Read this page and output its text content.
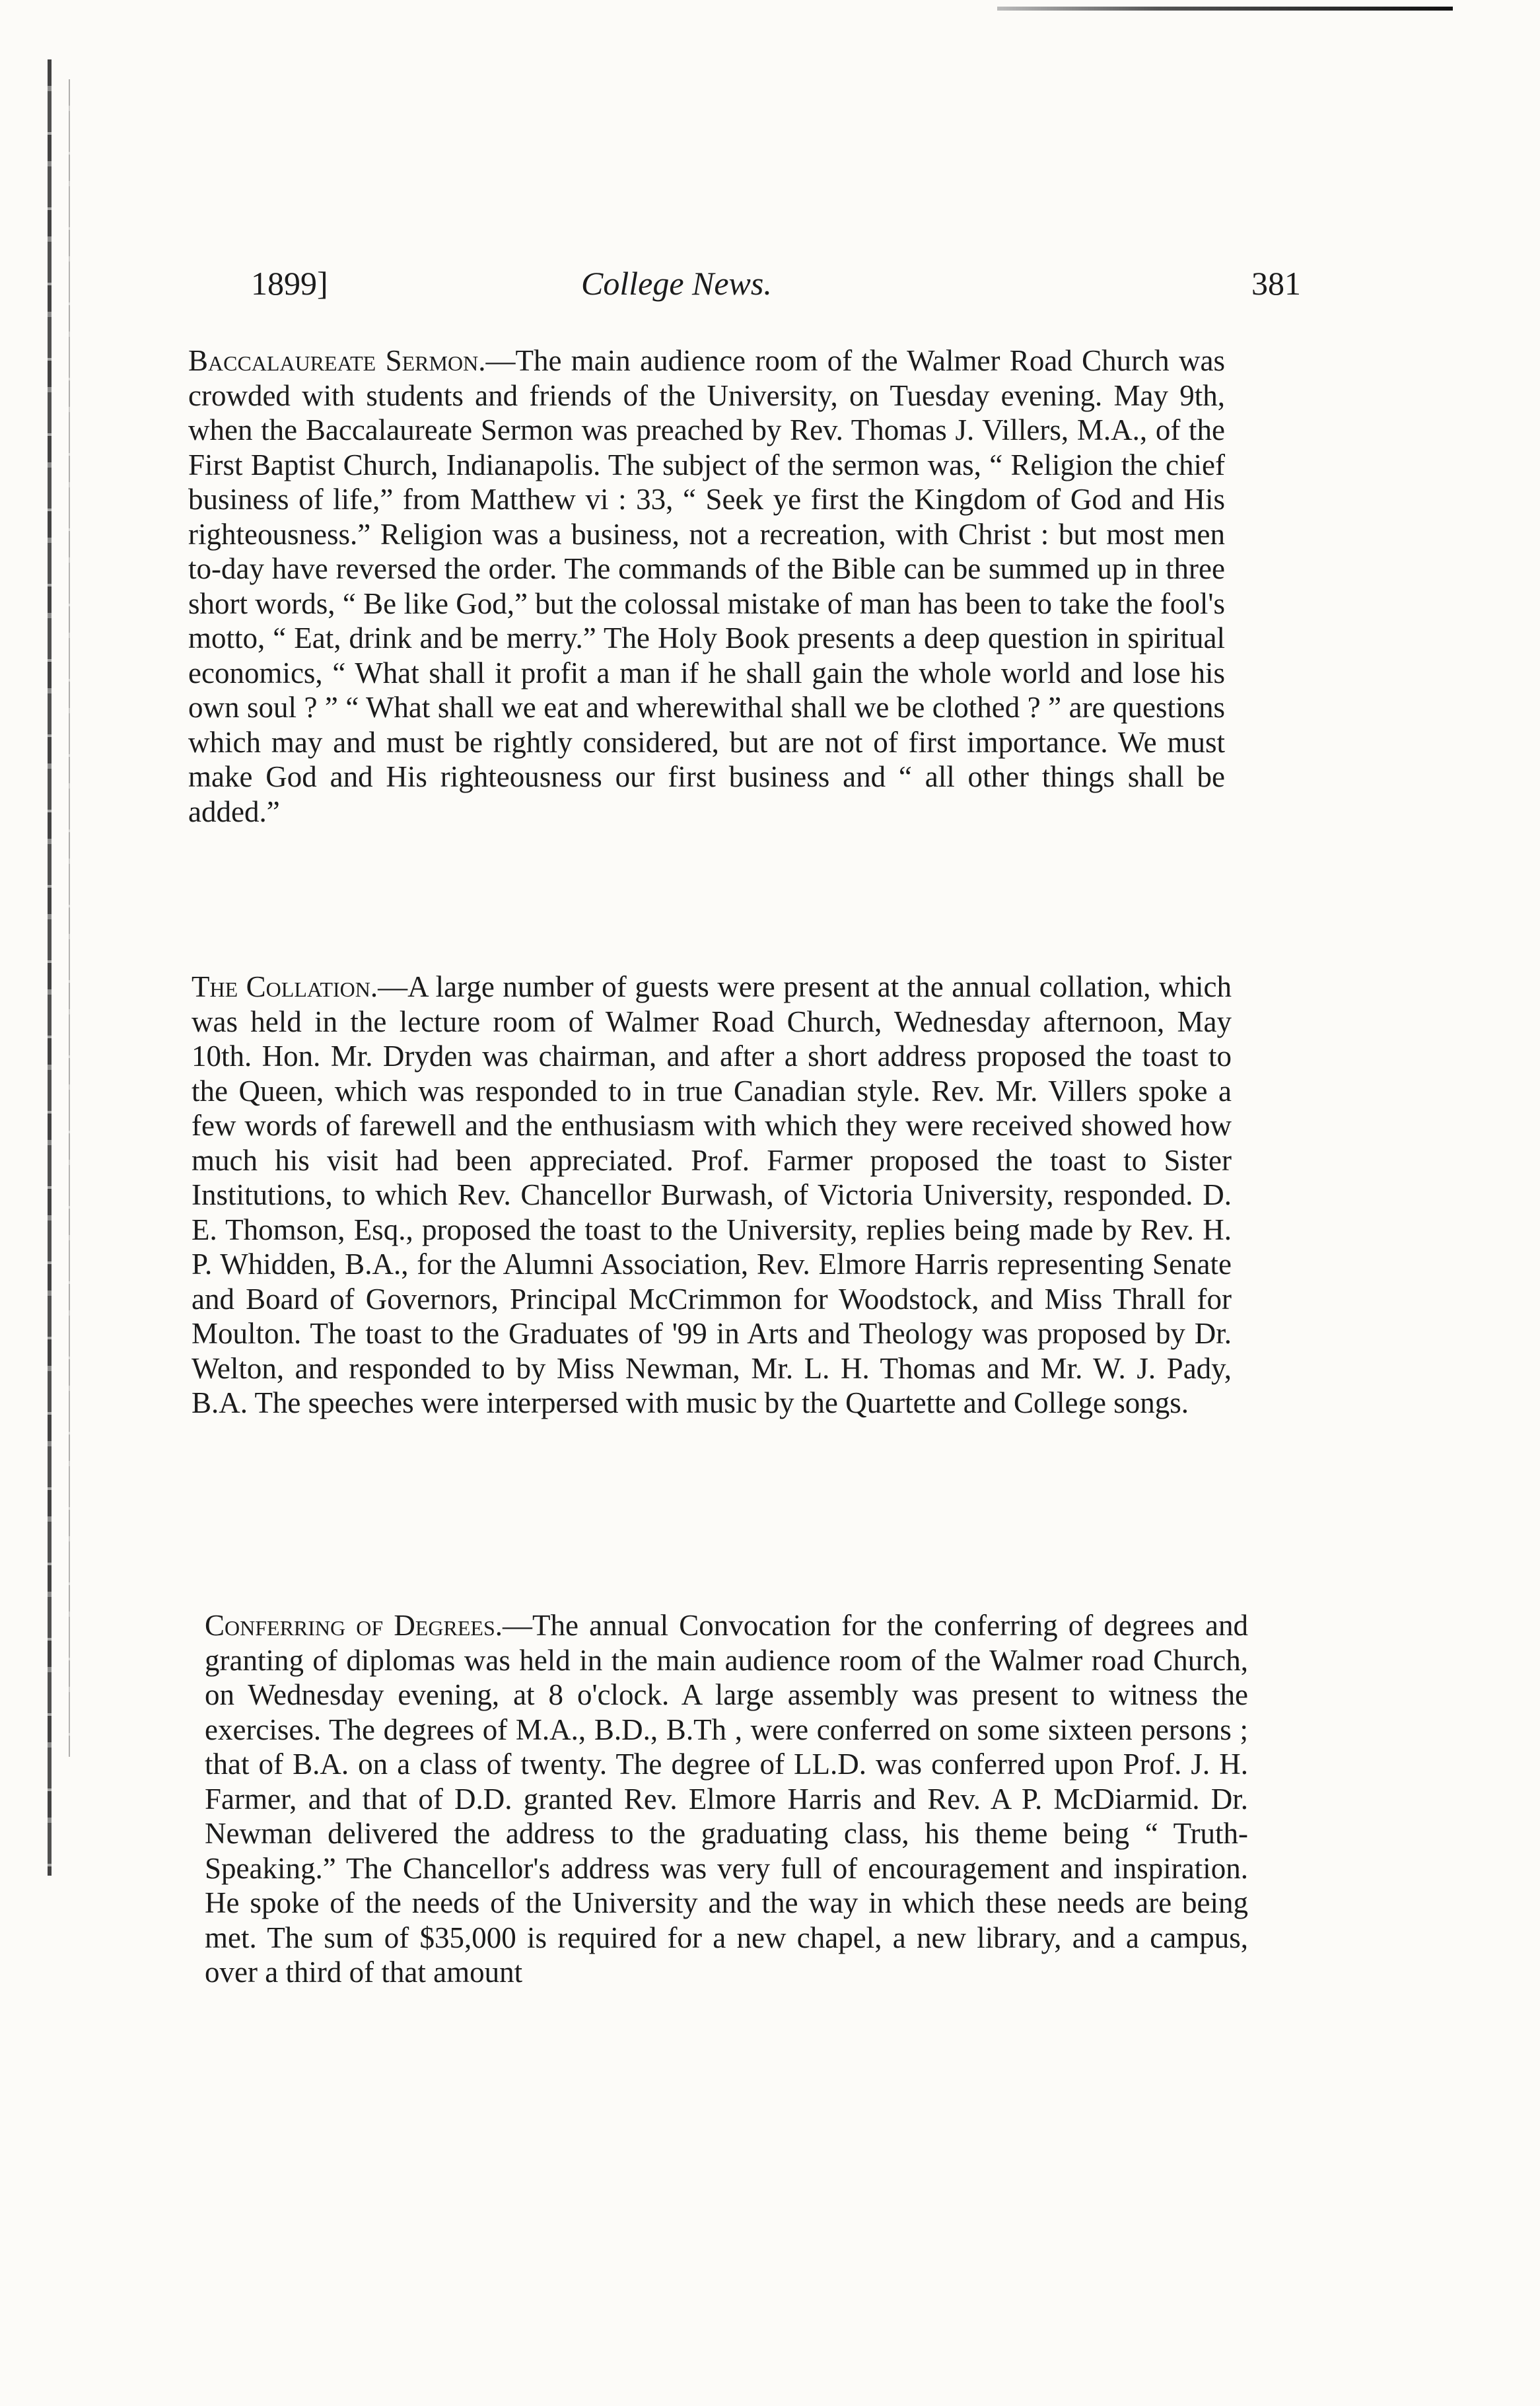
1899]	College News.	381
Baccalaureate Sermon.—The main audience room of the Walmer Road Church was crowded with students and friends of the University, on Tuesday evening. May 9th, when the Baccalaureate Sermon was preached by Rev. Thomas J. Villers, M.A., of the First Baptist Church, Indianapolis. The subject of the sermon was, “ Religion the chief business of life,” from Matthew vi : 33, “ Seek ye first the Kingdom of God and His righteousness.” Religion was a business, not a recreation, with Christ : but most men to-day have reversed the order. The commands of the Bible can be summed up in three short words, “ Be like God,” but the colossal mistake of man has been to take the fool's motto, “ Eat, drink and be merry.” The Holy Book presents a deep question in spiritual economics, “ What shall it profit a man if he shall gain the whole world and lose his own soul ? ” “ What shall we eat and wherewithal shall we be clothed ? ” are questions which may and must be rightly considered, but are not of first importance. We must make God and His righteousness our first business and “ all other things shall be added.”
The Collation.—A large number of guests were present at the annual collation, which was held in the lecture room of Walmer Road Church, Wednesday afternoon, May 10th. Hon. Mr. Dryden was chairman, and after a short address proposed the toast to the Queen, which was responded to in true Canadian style. Rev. Mr. Villers spoke a few words of farewell and the enthusiasm with which they were received showed how much his visit had been appreciated. Prof. Farmer proposed the toast to Sister Institutions, to which Rev. Chancellor Burwash, of Victoria University, responded. D. E. Thomson, Esq., proposed the toast to the University, replies being made by Rev. H. P. Whidden, B.A., for the Alumni Association, Rev. Elmore Harris representing Senate and Board of Governors, Principal McCrimmon for Woodstock, and Miss Thrall for Moulton. The toast to the Graduates of '99 in Arts and Theology was proposed by Dr. Welton, and responded to by Miss Newman, Mr. L. H. Thomas and Mr. W. J. Pady, B.A. The speeches were interpersed with music by the Quartette and College songs.
Conferring of Degrees.—The annual Convocation for the conferring of degrees and granting of diplomas was held in the main audience room of the Walmer road Church, on Wednesday evening, at 8 o'clock. A large assembly was present to witness the exercises. The degrees of M.A., B.D., B.Th , were conferred on some sixteen persons ; that of B.A. on a class of twenty. The degree of LL.D. was conferred upon Prof. J. H. Farmer, and that of D.D. granted Rev. Elmore Harris and Rev. A P. McDiarmid. Dr. Newman delivered the address to the graduating class, his theme being “ Truth-Speaking.” The Chancellor's address was very full of encouragement and inspiration. He spoke of the needs of the University and the way in which these needs are being met. The sum of $35,000 is required for a new chapel, a new library, and a campus, over a third of that amount
